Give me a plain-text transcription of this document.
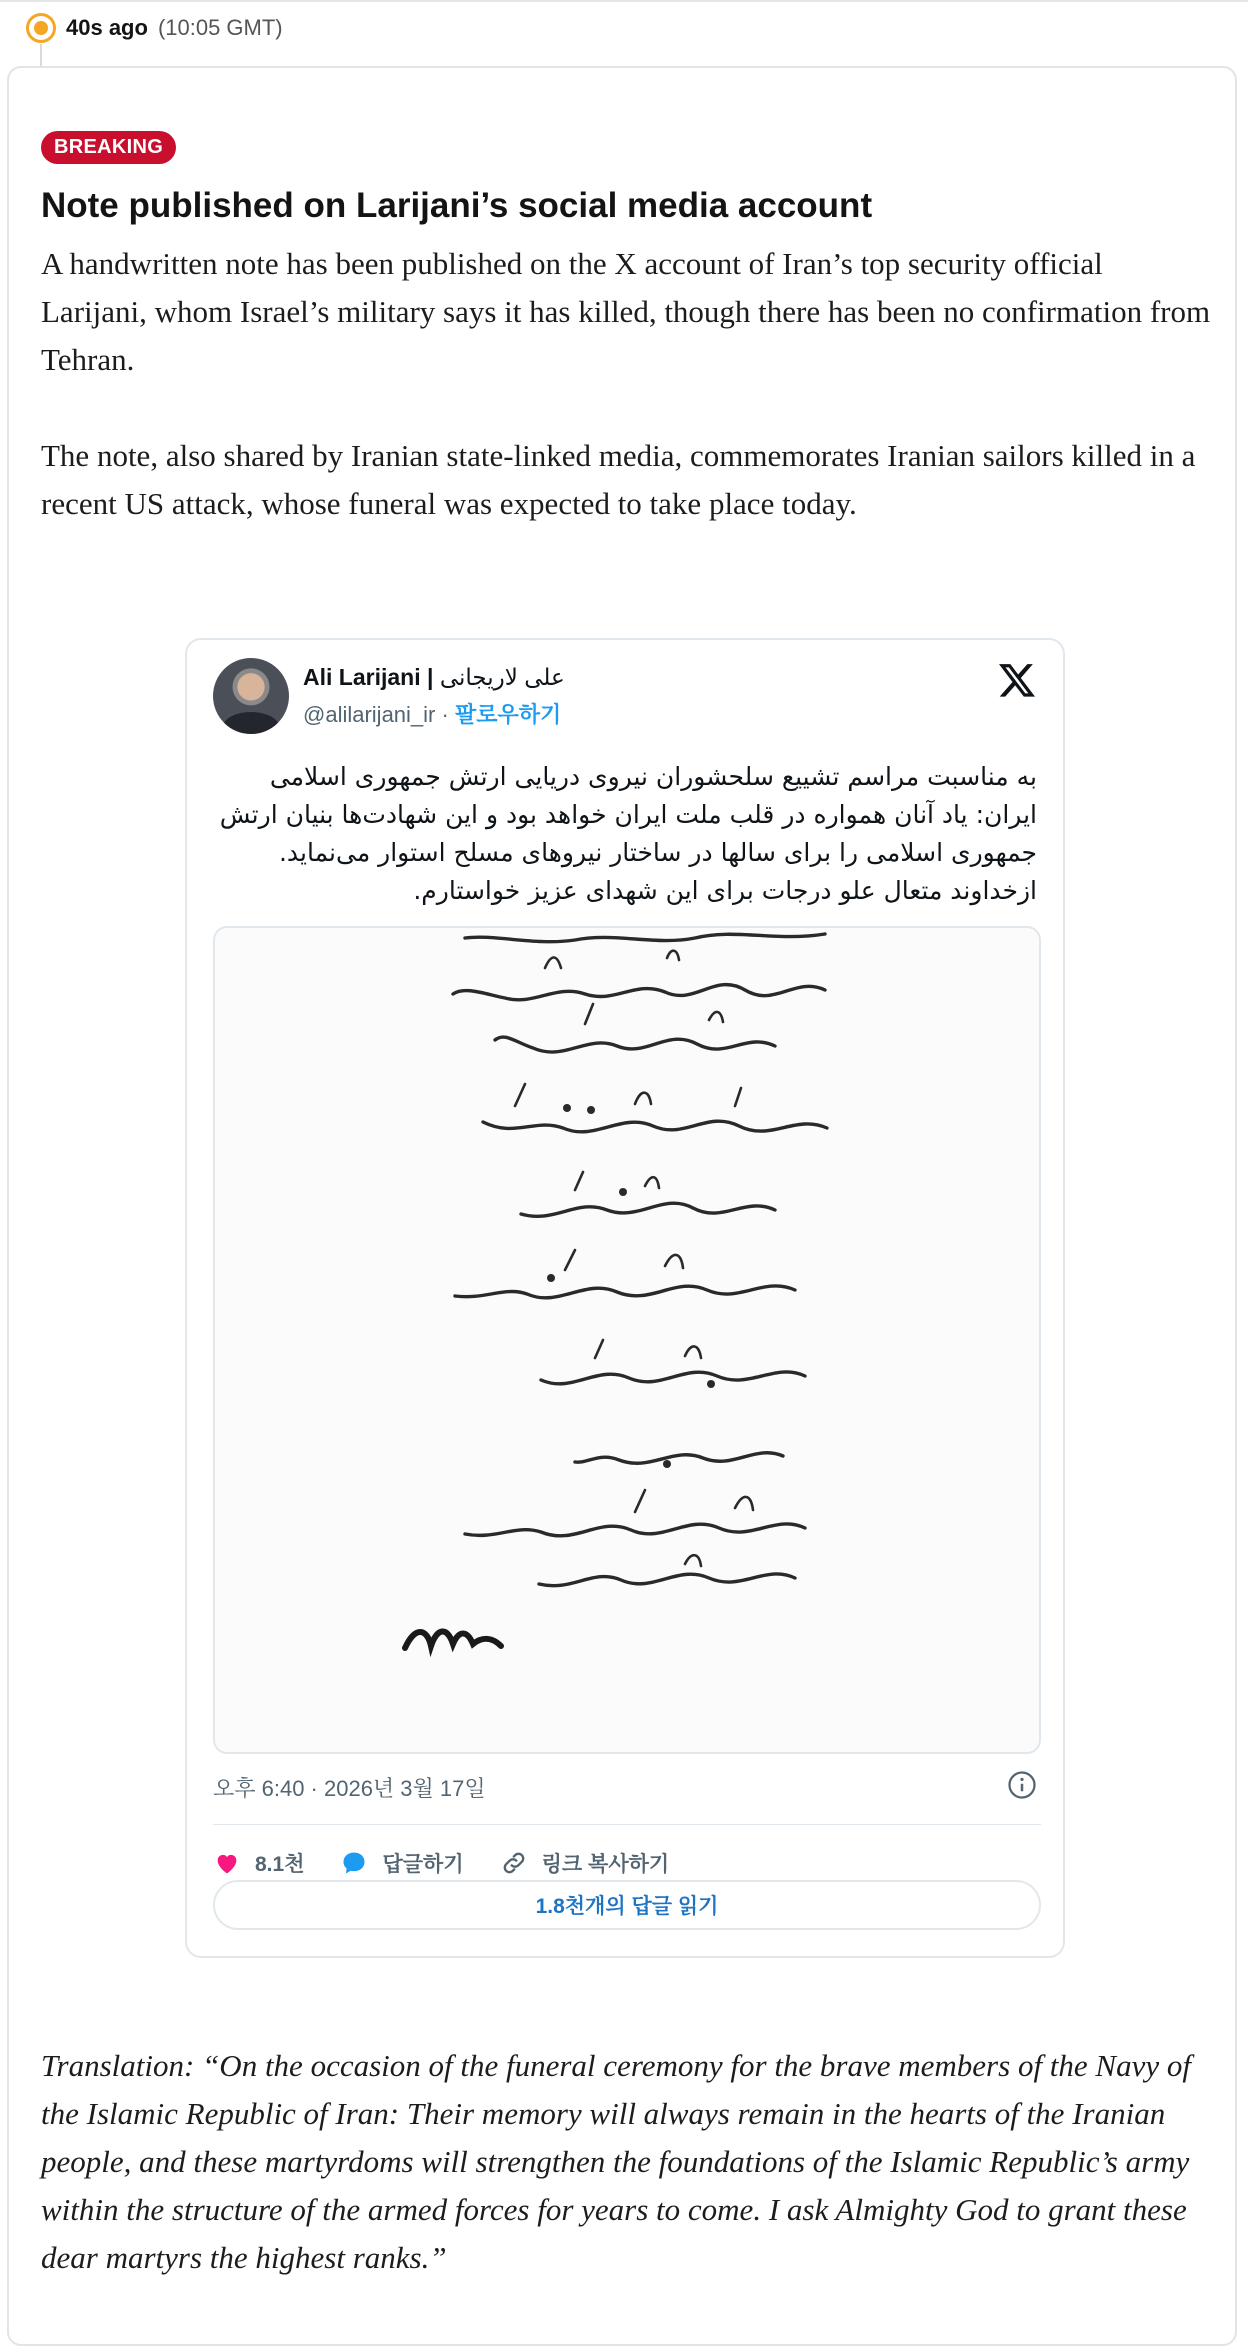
40s ago (10:05 GMT)
BREAKING
Note published on Larijani’s social media account

A handwritten note has been published on the X account of Iran’s top security official Larijani, whom Israel’s military says it has killed, though there has been no confirmation from Tehran.

The note, also shared by Iranian state-linked media, commemorates Iranian sailors killed in a recent US attack, whose funeral was expected to take place today.

Ali Larijani | علی لاریجانی
@alilarijani_ir · 팔로우하기
به مناسبت مراسم تشییع سلحشوران نیروی دریایی ارتش جمهوری اسلامی ایران: یاد آنان همواره در قلب ملت ایران خواهد بود و این شهادت‌ها بنیان ارتش جمهوری اسلامی را برای سالها در ساختار نیروهای مسلح استوار می‌نماید. ازخداوند متعال علو درجات برای این شهدای عزیز خواستارم.
오후 6:40 · 2026년 3월 17일
8.1천	답글하기	링크 복사하기
1.8천개의 답글 읽기

Translation: “On the occasion of the funeral ceremony for the brave members of the Navy of the Islamic Republic of Iran: Their memory will always remain in the hearts of the Iranian people, and these martyrdoms will strengthen the foundations of the Islamic Republic’s army within the structure of the armed forces for years to come. I ask Almighty God to grant these dear martyrs the highest ranks.”
